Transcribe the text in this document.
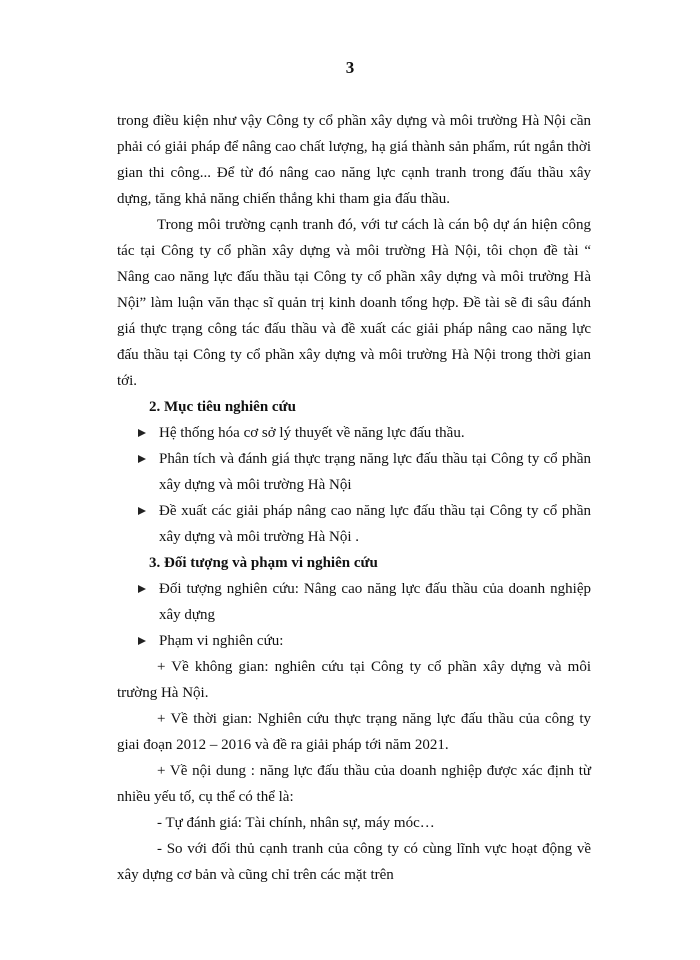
3

trong điều kiện như vậy Công ty cổ phần xây dựng và môi trường Hà Nội cần phải có giải pháp để nâng cao chất lượng, hạ giá thành sản phẩm, rút ngắn thời gian thi công... Để từ đó nâng cao năng lực cạnh tranh trong đấu thầu xây dựng, tăng khả năng chiến thắng khi tham gia đấu thầu.

Trong môi trường cạnh tranh đó, với tư cách là cán bộ dự án hiện công tác tại Công ty cổ phần xây dựng và môi trường Hà Nội, tôi chọn đề tài “ Nâng cao năng lực đấu thầu tại Công ty cổ phần xây dựng và môi trường Hà Nội” làm luận văn thạc sĩ quản trị kinh doanh tổng hợp. Đề tài sẽ đi sâu đánh giá thực trạng công tác đấu thầu và đề xuất các giải pháp nâng cao năng lực đấu thầu tại Công ty cổ phần xây dựng và môi trường Hà Nội trong thời gian tới.

2. Mục tiêu nghiên cứu
Hệ thống hóa cơ sở lý thuyết về năng lực đấu thầu.
Phân tích và đánh giá thực trạng năng lực đấu thầu tại Công ty cổ phần xây dựng và môi trường Hà Nội
Đề xuất các giải pháp nâng cao năng lực đấu thầu tại Công ty cổ phần xây dựng và môi trường Hà Nội .
3. Đối tượng và phạm vi nghiên cứu
Đối tượng nghiên cứu: Nâng cao năng lực đấu thầu của doanh nghiệp xây dựng
Phạm vi nghiên cứu:

+ Về không gian: nghiên cứu tại Công ty cổ phần xây dựng và môi trường Hà Nội.

+ Về thời gian: Nghiên cứu thực trạng năng lực đấu thầu của công ty giai đoạn 2012 – 2016 và đề ra giải pháp tới năm 2021.

+ Về nội dung : năng lực đấu thầu của doanh nghiệp được xác định từ nhiều yếu tố, cụ thể có thể là:

- Tự đánh giá: Tài chính, nhân sự, máy móc…

- So với đối thủ cạnh tranh của công ty có cùng lĩnh vực hoạt động về xây dựng cơ bản và cũng chỉ trên các mặt trên
